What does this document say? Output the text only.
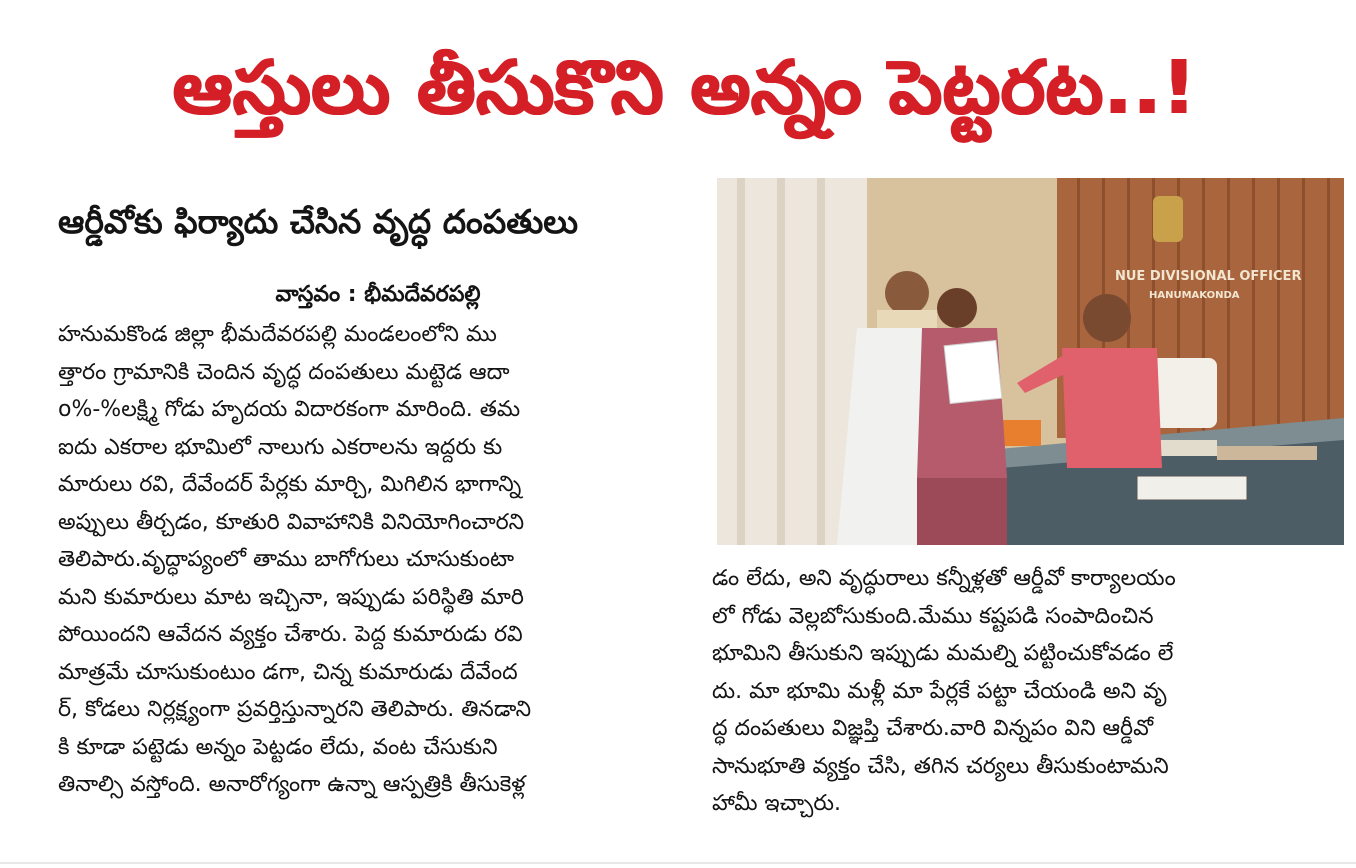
ఆస్తులు తీసుకొని అన్నం పెట్టరట..!
ఆర్డీవోకు ఫిర్యాదు చేసిన వృద్ధ దంపతులు
వాస్తవం : భీమదేవరపల్లి
హనుమకొండ జిల్లా భీమదేవరపల్లి మండలంలోని ము
త్తారం గ్రామానికి చెందిన వృద్ధ దంపతులు మట్టెడ ఆదా
o%-%లక్ష్మి గోడు హృదయ విదారకంగా మారింది. తమ
ఐదు ఎకరాల భూమిలో నాలుగు ఎకరాలను ఇద్దరు కు
మారులు రవి, దేవేందర్ పేర్లకు మార్చి, మిగిలిన భాగాన్ని
అప్పులు తీర్చడం, కూతురి వివాహానికి వినియోగించారని
తెలిపారు.వృద్ధాప్యంలో తాము బాగోగులు చూసుకుంటా
మని కుమారులు మాట ఇచ్చినా, ఇప్పుడు పరిస్థితి మారి
పోయిందని ఆవేదన వ్యక్తం చేశారు. పెద్ద కుమారుడు రవి
మాత్రమే చూసుకుంటుం డగా, చిన్న కుమారుడు దేవేంద
ర్, కోడలు నిర్లక్ష్యంగా ప్రవర్తిస్తున్నారని తెలిపారు. తినడాని
కి కూడా పట్టెడు అన్నం పెట్టడం లేదు, వంట చేసుకుని
తినాల్సి వస్తోంది. అనారోగ్యంగా ఉన్నా ఆస్పత్రికి తీసుకెళ్ల
NUE DIVISIONAL OFFICER
HANUMAKONDA
డం లేదు, అని వృద్ధురాలు కన్నీళ్లతో ఆర్డీవో కార్యాలయం
లో గోడు వెల్లబోసుకుంది.మేము కష్టపడి సంపాదించిన
భూమిని తీసుకుని ఇప్పుడు మమల్ని పట్టించుకోవడం లే
దు. మా భూమి మళ్లీ మా పేర్లకే పట్టా చేయండి అని వృ
ద్ధ దంపతులు విజ్ఞప్తి చేశారు.వారి విన్నపం విని ఆర్డీవో
సానుభూతి వ్యక్తం చేసి, తగిన చర్యలు తీసుకుంటామని
హామీ ఇచ్చారు.
